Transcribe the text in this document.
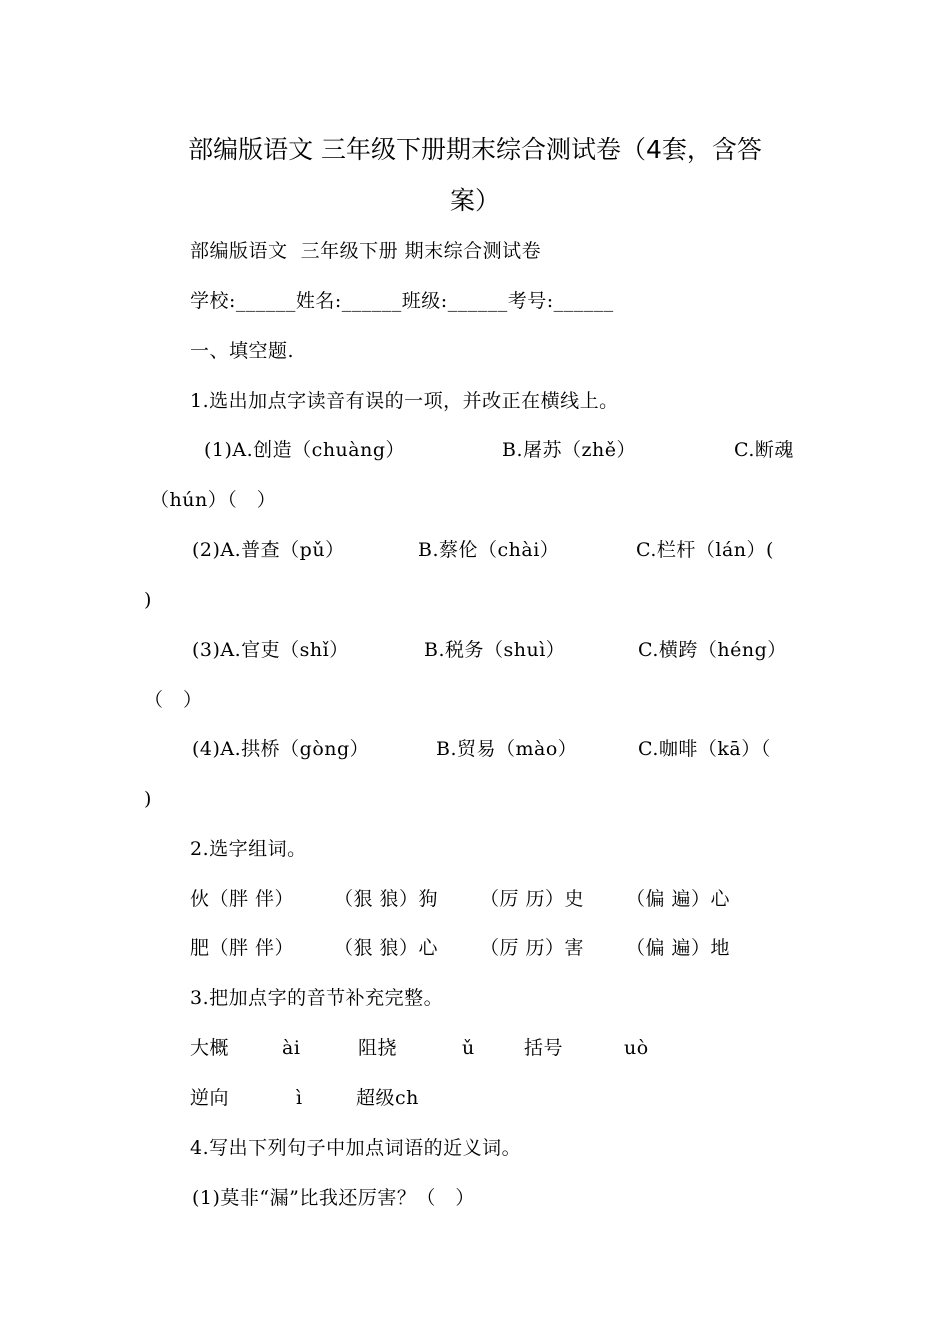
部编版语文 三年级下册期末综合测试卷（4套，含答
案）
部编版语文  三年级下册 期末综合测试卷
学校:______姓名:______班级:______考号:______
一、填空题.
1.选出加点字读音有误的一项，并改正在横线上。
(1)A.创造（chuàng）	B.屠苏（zhě）	C.断魂
（hún）（　）
(2)A.普查（pǔ）	B.蔡伦（chài）	C.栏杆（lán）(
)
(3)A.官吏（shǐ）	B.税务（shuì）	C.横跨（héng）
（　）
(4)A.拱桥（gòng）	B.贸易（mào）	C.咖啡（kā）（
)
2.选字组词。
伙（胖 伴） （狠 狼）狗 （厉 历）史 （偏 遍）心
肥（胖 伴） （狠 狼）心 （厉 历）害 （偏 遍）地
3.把加点字的音节补充完整。
大概	ài	阻挠	ǔ	括号	uò
逆向	ì	超级ch
4.写出下列句子中加点词语的近义词。
(1)莫非“漏”比我还厉害？（　）
